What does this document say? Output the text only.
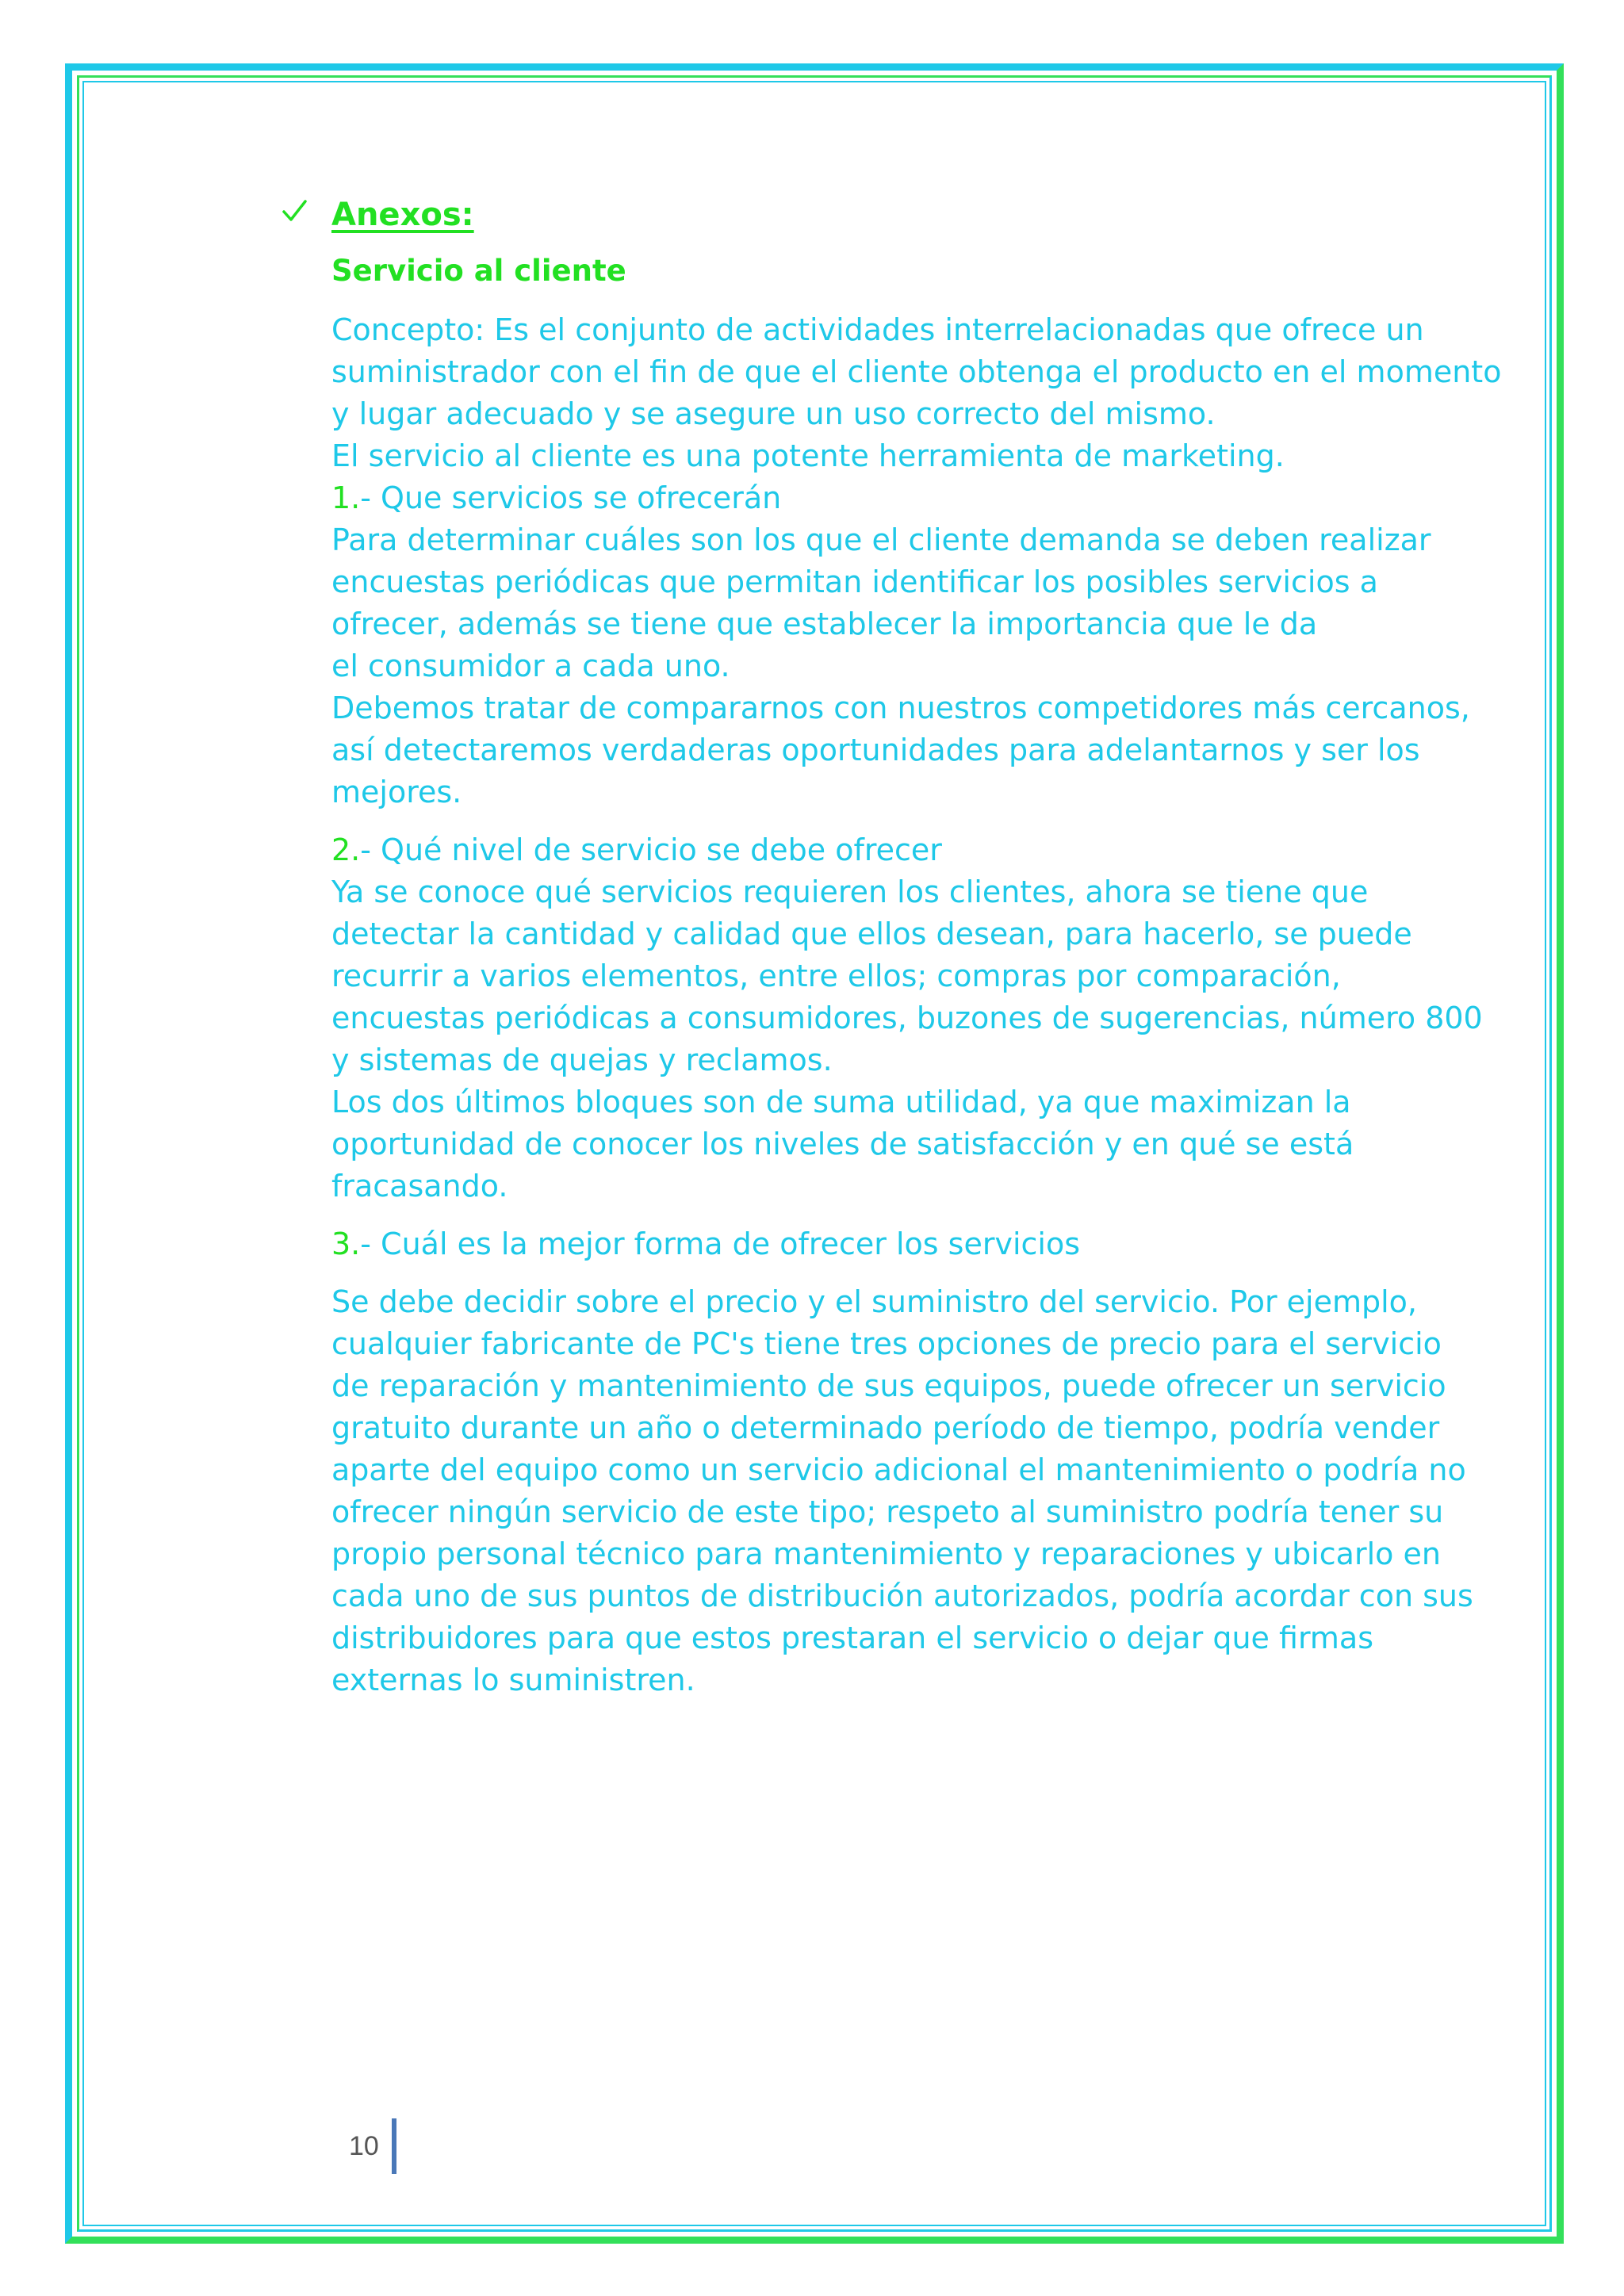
Anexos:
Servicio al cliente
Concepto: Es el conjunto de actividades interrelacionadas que ofrece un
suministrador con el fin de que el cliente obtenga el producto en el momento
y lugar adecuado y se asegure un uso correcto del mismo.
El servicio al cliente es una potente herramienta de marketing.
1.- Que servicios se ofrecerán
Para determinar cuáles son los que el cliente demanda se deben realizar
encuestas periódicas que permitan identificar los posibles servicios a
ofrecer, además se tiene que establecer la importancia que le da
el consumidor a cada uno.
Debemos tratar de compararnos con nuestros competidores más cercanos,
así detectaremos verdaderas oportunidades para adelantarnos y ser los
mejores.
2.- Qué nivel de servicio se debe ofrecer
Ya se conoce qué servicios requieren los clientes, ahora se tiene que
detectar la cantidad y calidad que ellos desean, para hacerlo, se puede
recurrir a varios elementos, entre ellos; compras por comparación,
encuestas periódicas a consumidores, buzones de sugerencias, número 800
y sistemas de quejas y reclamos.
Los dos últimos bloques son de suma utilidad, ya que maximizan la
oportunidad de conocer los niveles de satisfacción y en qué se está
fracasando.
3.- Cuál es la mejor forma de ofrecer los servicios
Se debe decidir sobre el precio y el suministro del servicio. Por ejemplo,
cualquier fabricante de PC's tiene tres opciones de precio para el servicio
de reparación y mantenimiento de sus equipos, puede ofrecer un servicio
gratuito durante un año o determinado período de tiempo, podría vender
aparte del equipo como un servicio adicional el mantenimiento o podría no
ofrecer ningún servicio de este tipo; respeto al suministro podría tener su
propio personal técnico para mantenimiento y reparaciones y ubicarlo en
cada uno de sus puntos de distribución autorizados, podría acordar con sus
distribuidores para que estos prestaran el servicio o dejar que firmas
externas lo suministren.
10
